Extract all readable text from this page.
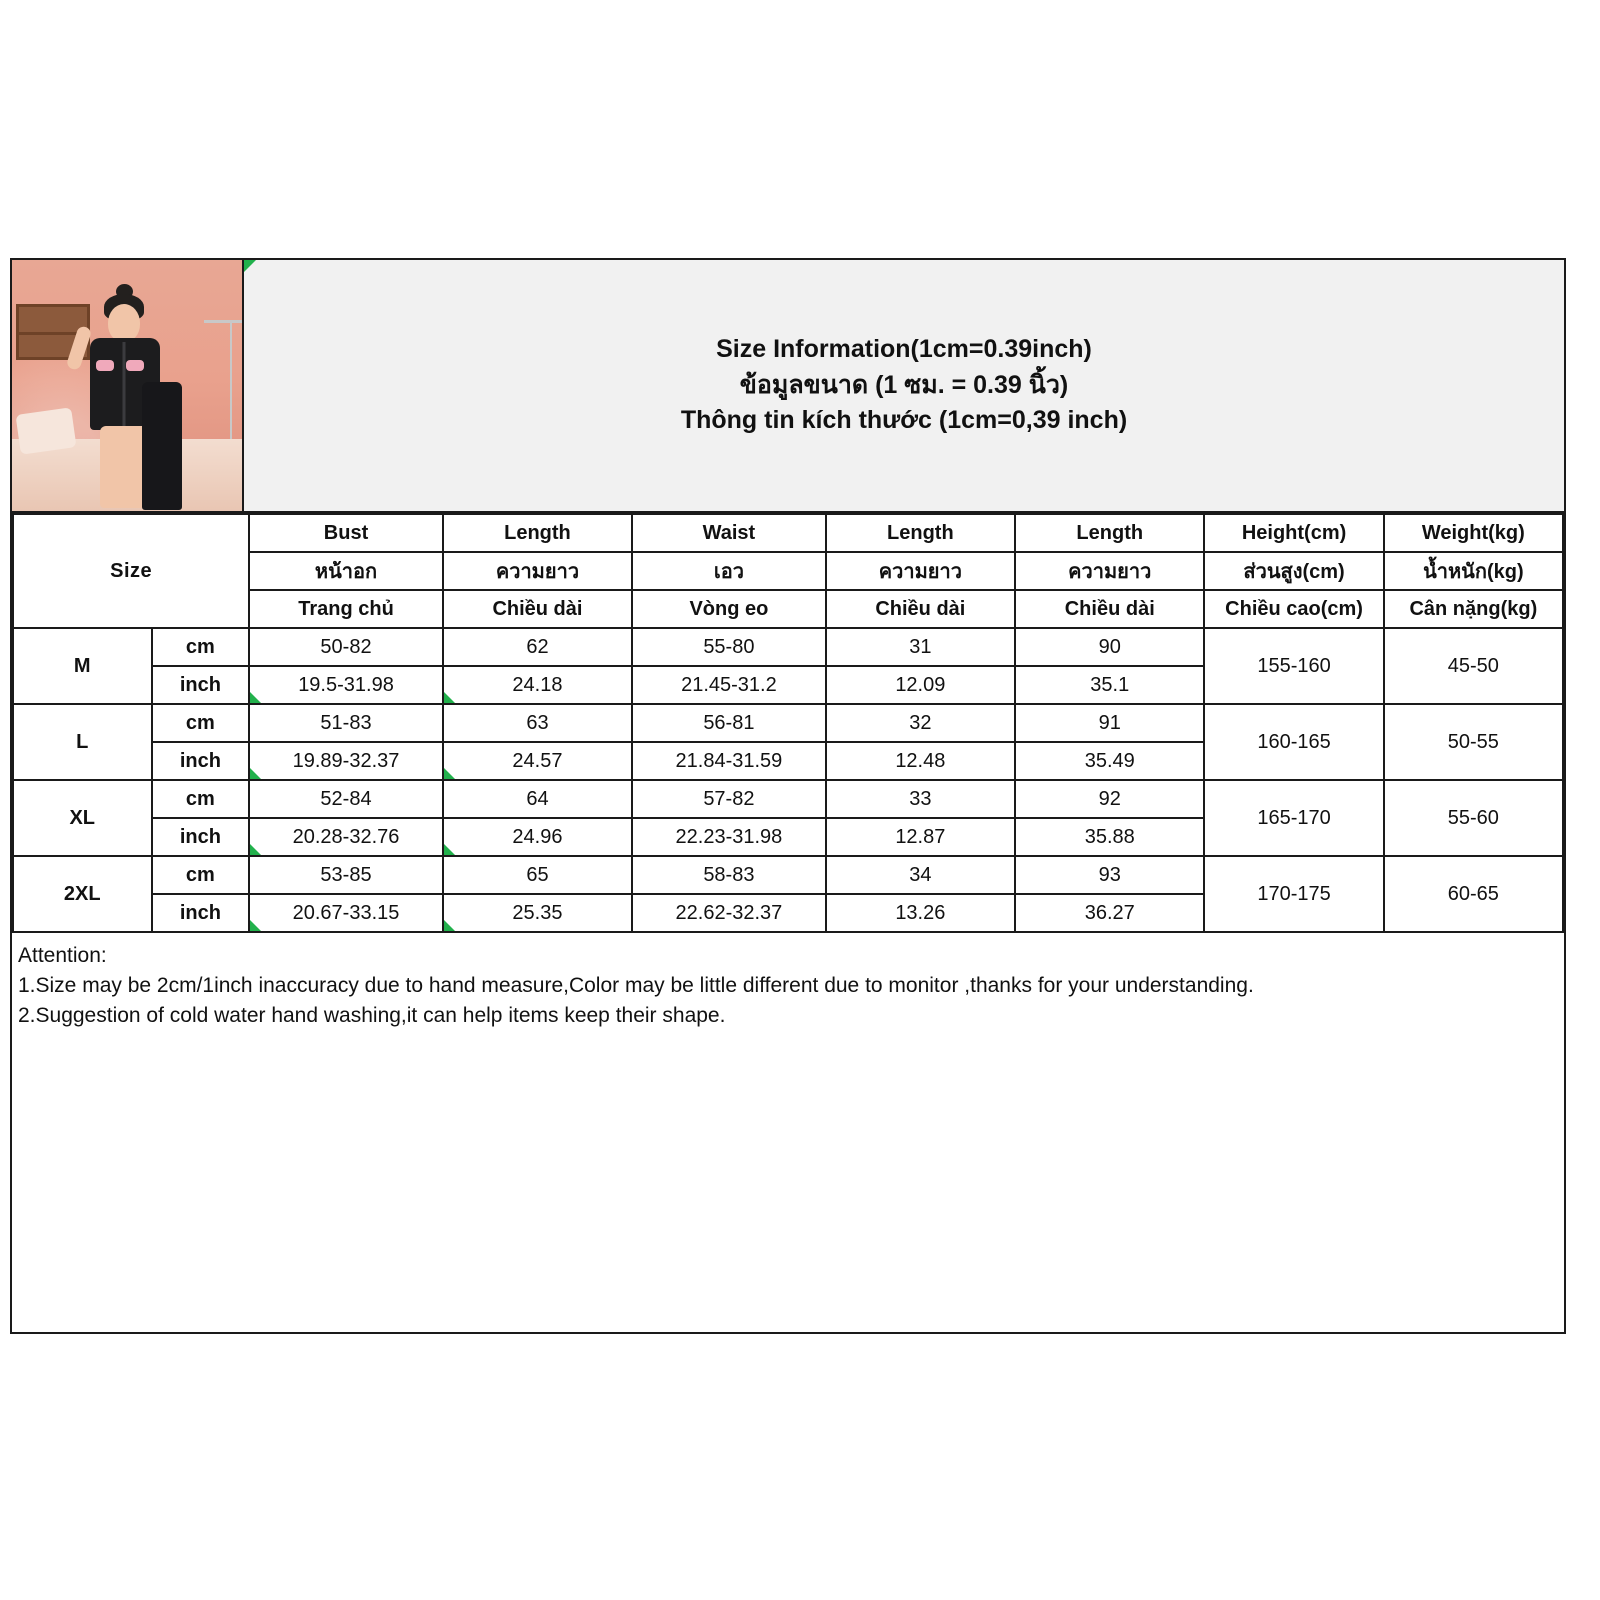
Size Information(1cm=0.39inch)
ข้อมูลขนาด (1 ซม. = 0.39 นิ้ว)
Thông tin kích thước (1cm=0,39 inch)
Size		Bust	Length	Waist	Length	Length	Height(cm)	Weight(kg)
		หน้าอก	ความยาว	เอว	ความยาว	ความยาว	ส่วนสูง(cm)	น้ำหนัก(kg)
		Trang chủ	Chiều dài	Vòng eo	Chiều dài	Chiều dài	Chiều cao(cm)	Cân nặng(kg)
M	cm	50-82	62	55-80	31	90	155-160	45-50
	inch	19.5-31.98	24.18	21.45-31.2	12.09	35.1		
L	cm	51-83	63	56-81	32	91	160-165	50-55
	inch	19.89-32.37	24.57	21.84-31.59	12.48	35.49		
XL	cm	52-84	64	57-82	33	92	165-170	55-60
	inch	20.28-32.76	24.96	22.23-31.98	12.87	35.88		
2XL	cm	53-85	65	58-83	34	93	170-175	60-65
	inch	20.67-33.15	25.35	22.62-32.37	13.26	36.27		
Attention:
1.Size may be 2cm/1inch inaccuracy due to hand measure,Color may be little different due to monitor ,thanks for your understanding.
2.Suggestion of cold water hand washing,it can help items keep their shape.
